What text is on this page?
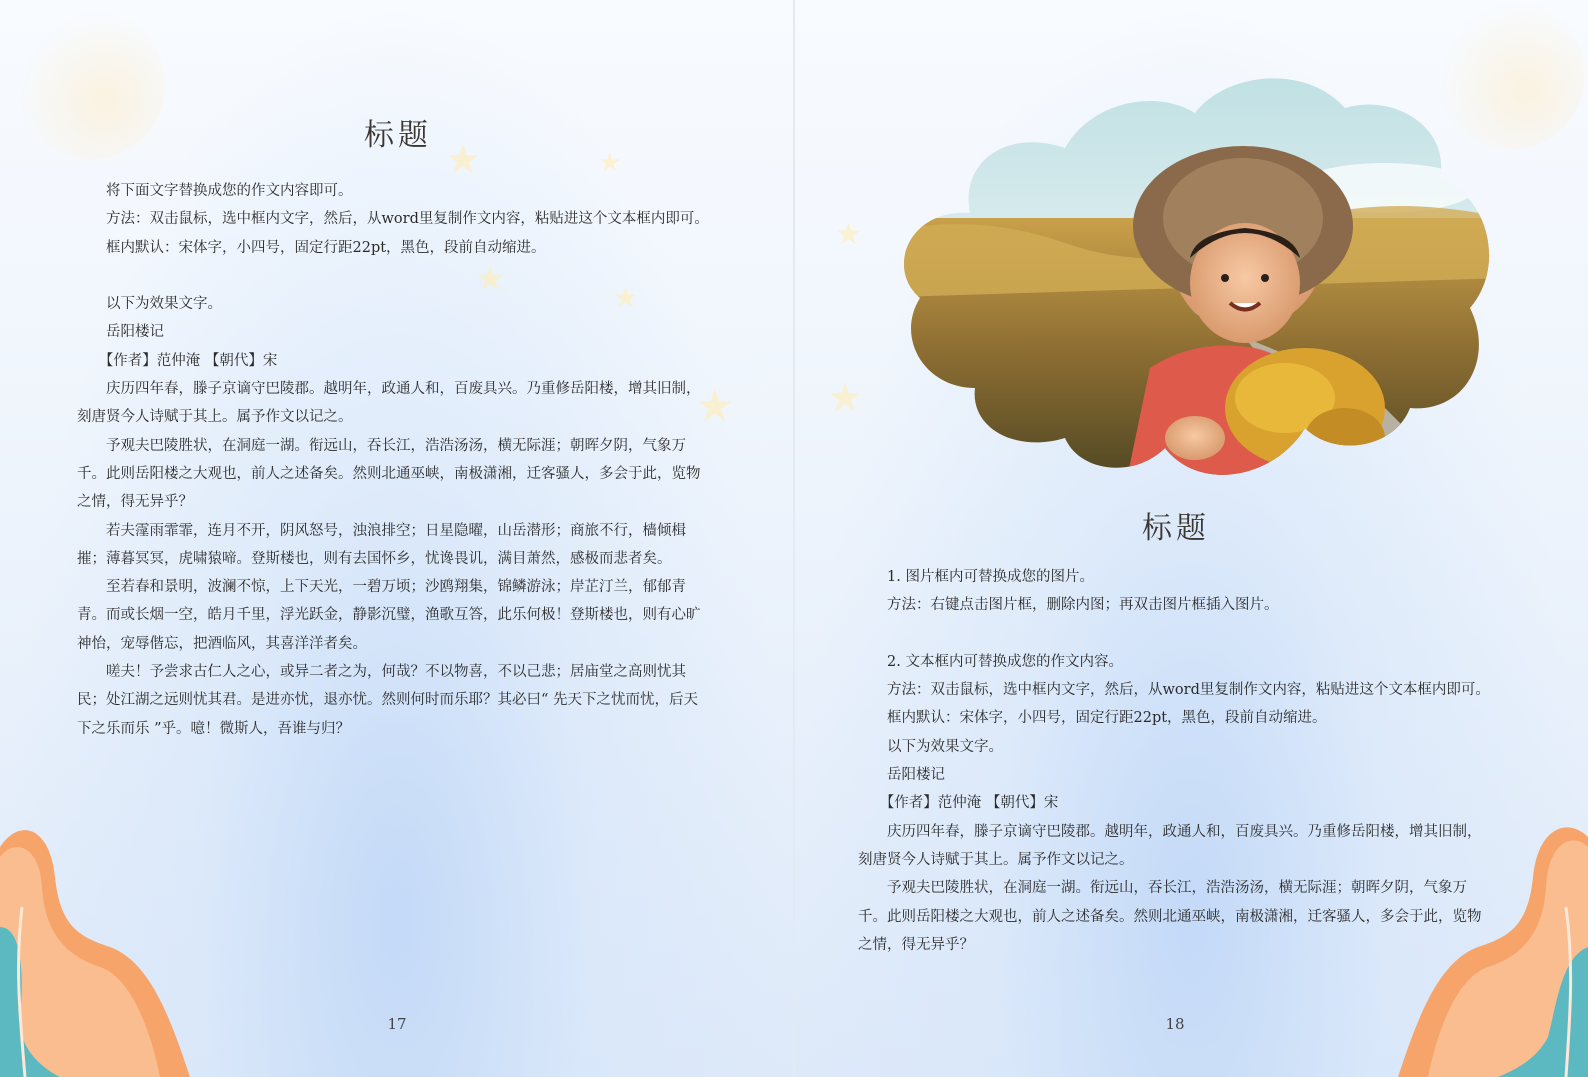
★	★
★	★
★
标题

将下面文字替换成您的作文内容即可。

方法：双击鼠标，选中框内文字，然后，从word里复制作文内容，粘贴进这个文本框内即可。

框内默认：宋体字，小四号，固定行距22pt，黑色，段前自动缩进。

以下为效果文字。

岳阳楼记

【作者】范仲淹 【朝代】宋

庆历四年春，滕子京谪守巴陵郡。越明年，政通人和，百废具兴。乃重修岳阳楼，增其旧制，刻唐贤今人诗赋于其上。属予作文以记之。

予观夫巴陵胜状，在洞庭一湖。衔远山，吞长江，浩浩汤汤，横无际涯；朝晖夕阴，气象万千。此则岳阳楼之大观也，前人之述备矣。然则北通巫峡，南极潇湘，迁客骚人，多会于此，览物之情，得无异乎？

若夫霪雨霏霏，连月不开，阴风怒号，浊浪排空；日星隐曜，山岳潜形；商旅不行，樯倾楫摧；薄暮冥冥，虎啸猿啼。登斯楼也，则有去国怀乡，忧谗畏讥，满目萧然，感极而悲者矣。

至若春和景明，波澜不惊，上下天光，一碧万顷；沙鸥翔集，锦鳞游泳；岸芷汀兰，郁郁青青。而或长烟一空，皓月千里，浮光跃金，静影沉璧，渔歌互答，此乐何极！登斯楼也，则有心旷神怡，宠辱偕忘，把酒临风，其喜洋洋者矣。

嗟夫！予尝求古仁人之心，或异二者之为，何哉？不以物喜，不以己悲；居庙堂之高则忧其民；处江湖之远则忧其君。是进亦忧，退亦忧。然则何时而乐耶？其必曰“ 先天下之忧而忧，后天下之乐而乐 ”乎。噫！微斯人，吾谁与归？

17
★
★
标题

1. 图片框内可替换成您的图片。

方法：右键点击图片框，删除内图；再双击图片框插入图片。

2. 文本框内可替换成您的作文内容。

方法：双击鼠标，选中框内文字，然后，从word里复制作文内容，粘贴进这个文本框内即可。

框内默认：宋体字，小四号，固定行距22pt，黑色，段前自动缩进。

以下为效果文字。

岳阳楼记

【作者】范仲淹 【朝代】宋

庆历四年春，滕子京谪守巴陵郡。越明年，政通人和，百废具兴。乃重修岳阳楼，增其旧制，刻唐贤今人诗赋于其上。属予作文以记之。

予观夫巴陵胜状，在洞庭一湖。衔远山，吞长江，浩浩汤汤，横无际涯；朝晖夕阴，气象万千。此则岳阳楼之大观也，前人之述备矣。然则北通巫峡，南极潇湘，迁客骚人，多会于此，览物之情，得无异乎？

18
